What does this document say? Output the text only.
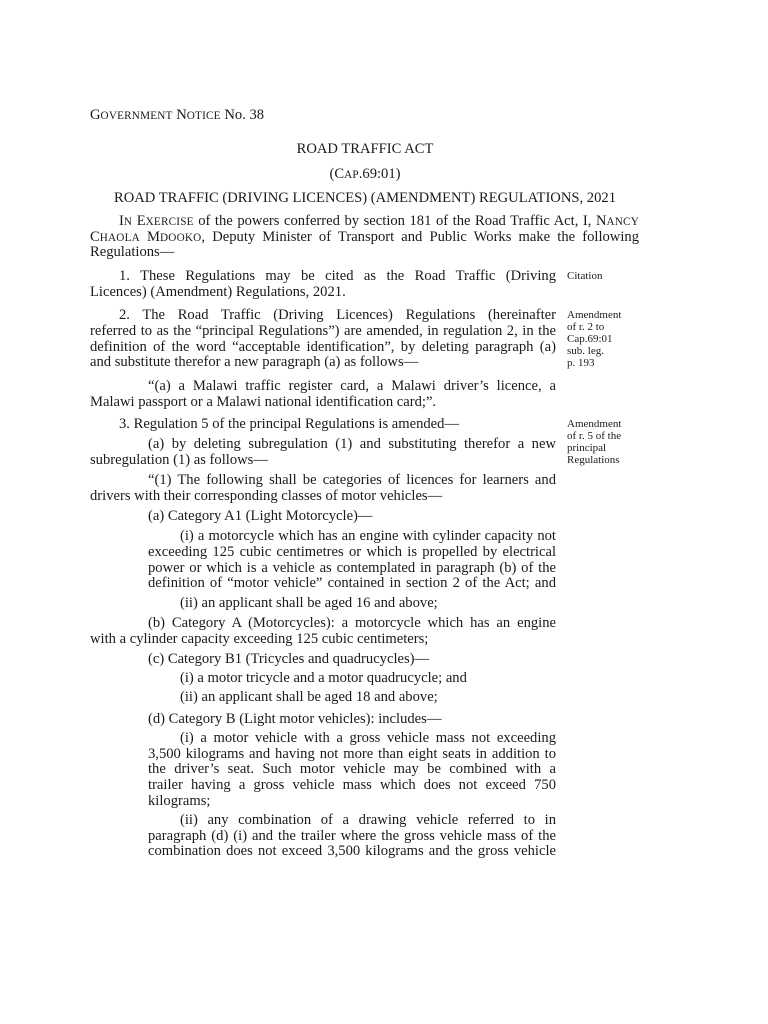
GOVERNMENT NOTICE No. 38
ROAD TRAFFIC ACT
(CAP.69:01)
ROAD TRAFFIC (DRIVING LICENCES) (AMENDMENT) REGULATIONS, 2021
IN EXERCISE of the powers conferred by section 181 of the Road Traffic Act, I, NANCY
CHAOLA MDOOKO, Deputy Minister of Transport and Public Works make the following
Regulations—
1. These Regulations may be cited as the Road Traffic (Driving
Licences) (Amendment) Regulations, 2021.
Citation
2. The Road Traffic (Driving Licences) Regulations (hereinafter
referred to as the “principal Regulations”) are amended, in regulation 2, in the
definition of the word “acceptable identification”, by deleting paragraph (a)
and substitute therefor a new paragraph (a) as follows—
“(a) a Malawi traffic register card, a Malawi driver’s licence, a
Malawi passport or a Malawi national identification card;”.
Amendment
of r. 2 to
Cap.69:01
sub. leg.
p. 193
3. Regulation 5 of the principal Regulations is amended—
(a) by deleting subregulation (1) and substituting therefor a new
subregulation (1) as follows—
“(1) The following shall be categories of licences for learners and
drivers with their corresponding classes of motor vehicles—
Amendment
of r. 5 of the
principal
Regulations
(a) Category A1 (Light Motorcycle)—
(i) a motorcycle which has an engine with cylinder capacity not
exceeding 125 cubic centimetres or which is propelled by electrical
power or which is a vehicle as contemplated in paragraph (b) of the
definition of “motor vehicle” contained in section 2 of the Act; and
(ii) an applicant shall be aged 16 and above;
(b) Category A (Motorcycles): a motorcycle which has an engine
with a cylinder capacity exceeding 125 cubic centimeters;
(c) Category B1 (Tricycles and quadrucycles)—
(i) a motor tricycle and a motor quadrucycle; and
(ii) an applicant shall be aged 18 and above;
(d) Category B (Light motor vehicles): includes—
(i) a motor vehicle with a gross vehicle mass not exceeding
3,500 kilograms and having not more than eight seats in addition to
the driver’s seat. Such motor vehicle may be combined with a
trailer having a gross vehicle mass which does not exceed 750
kilograms;
(ii) any combination of a drawing vehicle referred to in
paragraph (d) (i) and the trailer where the gross vehicle mass of the
combination does not exceed 3,500 kilograms and the gross vehicle
